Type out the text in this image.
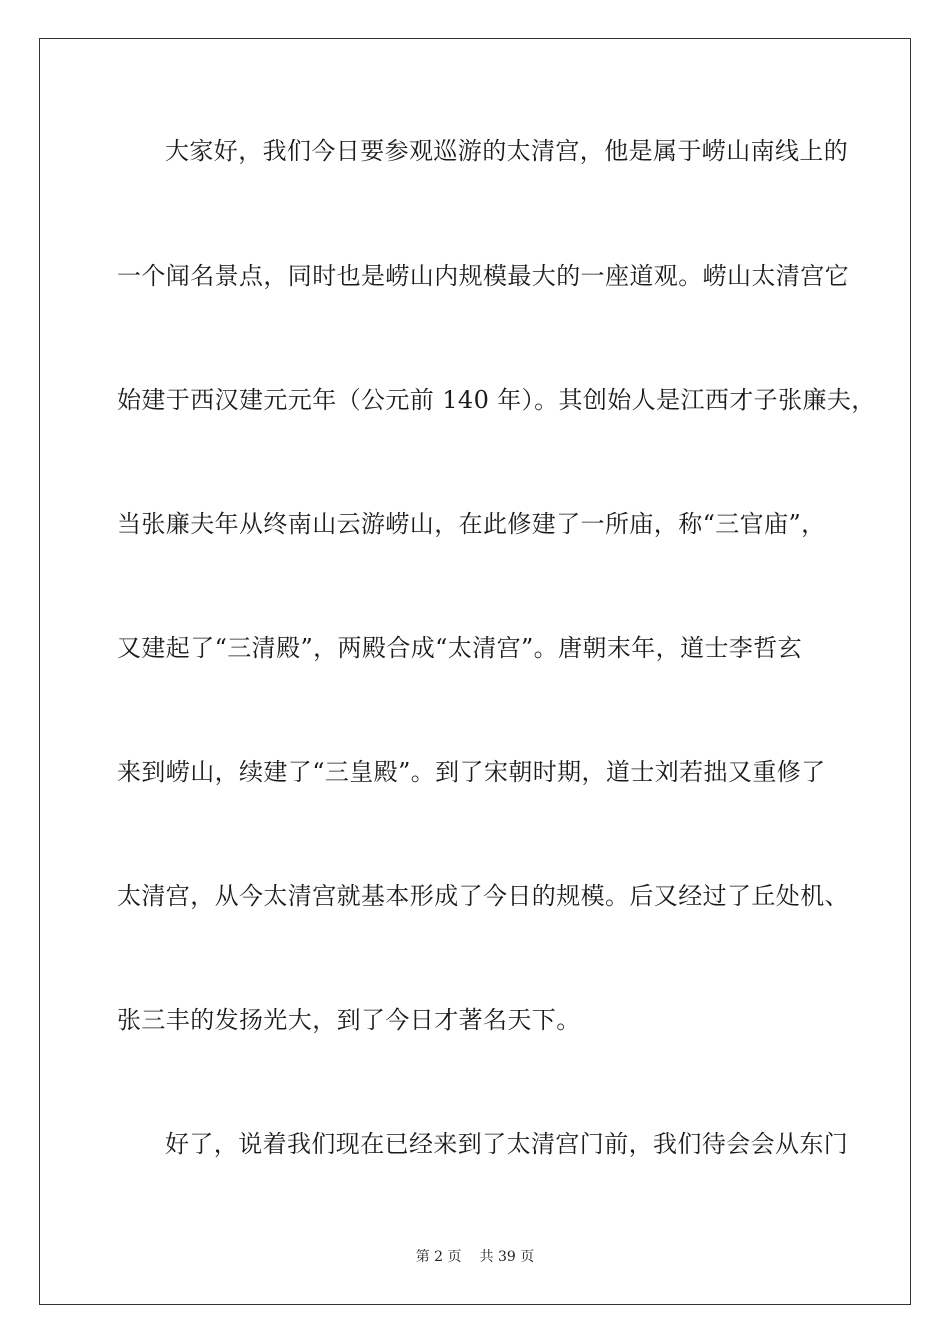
大家好，我们今日要参观巡游的太清宫，他是属于崂山南线上的
一个闻名景点，同时也是崂山内规模最大的一座道观。崂山太清宫它
始建于西汉建元元年（公元前 140 年）。其创始人是江西才子张廉夫，
当张廉夫年从终南山云游崂山，在此修建了一所庙，称“三官庙”，
又建起了“三清殿”，两殿合成“太清宫”。唐朝末年，道士李哲玄
来到崂山，续建了“三皇殿”。到了宋朝时期，道士刘若拙又重修了
太清宫，从今太清宫就基本形成了今日的规模。后又经过了丘处机、
张三丰的发扬光大，到了今日才著名天下。
好了，说着我们现在已经来到了太清宫门前，我们待会会从东门
第 2 页 共 39 页
